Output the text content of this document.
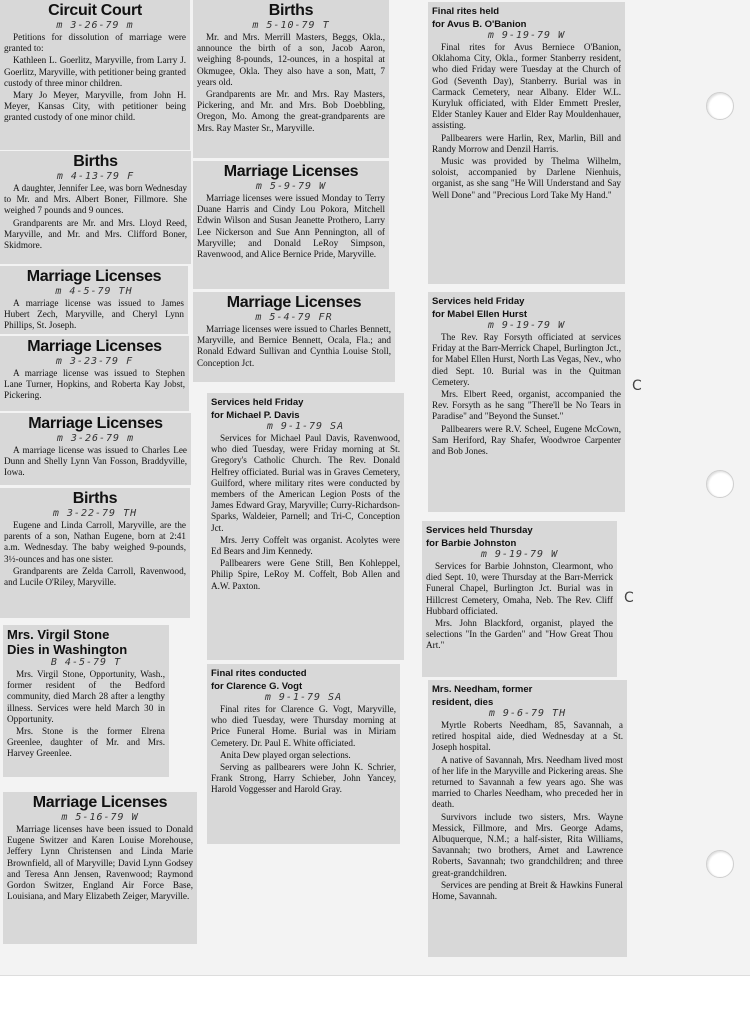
Circuit Court
m 3-26-79 m

Petitions for dissolution of marriage were granted to:

Kathleen L. Goerlitz, Maryville, from Larry J. Goerlitz, Maryville, with petitioner being granted custody of three minor children.

Mary Jo Meyer, Maryville, from John H. Meyer, Kansas City, with petitioner being granted custody of one minor child.

Births
m 4-13-79 F

A daughter, Jennifer Lee, was born Wednesday to Mr. and Mrs. Albert Boner, Fillmore. She weighed 7 pounds and 9 ounces.

Grandparents are Mr. and Mrs. Lloyd Reed, Maryville, and Mr. and Mrs. Clifford Boner, Skidmore.

Marriage Licenses
m 4-5-79 TH

A marriage license was issued to James Hubert Zech, Maryville, and Cheryl Lynn Phillips, St. Joseph.

Marriage Licenses
m 3-23-79 F

A marriage license was issued to Stephen Lane Turner, Hopkins, and Roberta Kay Jobst, Pickering.

Marriage Licenses
m 3-26-79 m

A marriage license was issued to Charles Lee Dunn and Shelly Lynn Van Fosson, Braddyville, Iowa.

Births
m 3-22-79 TH

Eugene and Linda Carroll, Maryville, are the parents of a son, Nathan Eugene, born at 2:41 a.m. Wednesday. The baby weighed 9-pounds, 3½-ounces and has one sister.

Grandparents are Zelda Carroll, Ravenwood, and Lucile O'Riley, Maryville.

Mrs. Virgil Stone
Dies in Washington
B 4-5-79 T

Mrs. Virgil Stone, Opportunity, Wash., former resident of the Bedford community, died March 28 after a lengthy illness. Services were held March 30 in Opportunity.

Mrs. Stone is the former Elrena Greenlee, daughter of Mr. and Mrs. Harvey Greenlee.

Marriage Licenses
m 5-16-79 W

Marriage licenses have been issued to Donald Eugene Switzer and Karen Louise Morehouse, Jeffery Lynn Christensen and Linda Marie Brownfield, all of Maryville; David Lynn Godsey and Teresa Ann Jensen, Ravenwood; Raymond Gordon Switzer, England Air Force Base, Louisiana, and Mary Elizabeth Zeiger, Maryville.

Births
m 5-10-79 T

Mr. and Mrs. Merrill Masters, Beggs, Okla., announce the birth of a son, Jacob Aaron, weighing 8-pounds, 12-ounces, in a hospital at Okmugee, Okla. They also have a son, Matt, 7 years old.

Grandparents are Mr. and Mrs. Ray Masters, Pickering, and Mr. and Mrs. Bob Doebbling, Oregon, Mo. Among the great-grandparents are Mrs. Ray Master Sr., Maryville.

Marriage Licenses
m 5-9-79 W

Marriage licenses were issued Monday to Terry Duane Harris and Cindy Lou Pokora, Mitchell Edwin Wilson and Susan Jeanette Prothero, Larry Lee Nickerson and Sue Ann Pennington, all of Maryville; and Donald LeRoy Simpson, Ravenwood, and Alice Bernice Pride, Maryville.

Marriage Licenses
m 5-4-79 FR

Marriage licenses were issued to Charles Bennett, Maryville, and Bernice Bennett, Ocala, Fla.; and Ronald Edward Sullivan and Cynthia Louise Stoll, Conception Jct.

Services held Friday
for Michael P. Davis
m 9-1-79 SA

Services for Michael Paul Davis, Ravenwood, who died Tuesday, were Friday morning at St. Gregory's Catholic Church. The Rev. Donald Helfrey officiated. Burial was in Graves Cemetery, Guilford, where military rites were conducted by members of the American Legion Posts of the James Edward Gray, Maryville; Curry-Richardson-Sparks, Waldeier, Parnell; and Tri-C, Conception Jct.

Mrs. Jerry Coffelt was organist. Acolytes were Ed Bears and Jim Kennedy.

Pallbearers were Gene Still, Ben Kohleppel, Philip Spire, LeRoy M. Coffelt, Bob Allen and A.W. Paxton.

Final rites conducted
for Clarence G. Vogt
m 9-1-79 SA

Final rites for Clarence G. Vogt, Maryville, who died Tuesday, were Thursday morning at Price Funeral Home. Burial was in Miriam Cemetery. Dr. Paul E. White officiated.

Anita Dew played organ selections.

Serving as pallbearers were John K. Schrier, Frank Strong, Harry Schieber, John Yancey, Harold Voggesser and Harold Gray.

Final rites held
for Avus B. O'Banion
m 9-19-79 W

Final rites for Avus Berniece O'Banion, Oklahoma City, Okla., former Stanberry resident, who died Friday were Tuesday at the Church of God (Seventh Day), Stanberry. Burial was in Carmack Cemetery, near Albany. Elder W.L. Kuryluk officiated, with Elder Emmett Presler, Elder Stanley Kauer and Elder Ray Mouldenhauer, assisting.

Pallbearers were Harlin, Rex, Marlin, Bill and Randy Morrow and Denzil Harris.

Music was provided by Thelma Wilhelm, soloist, accompanied by Darlene Nienhuis, organist, as she sang "He Will Understand and Say Well Done" and "Precious Lord Take My Hand."

Services held Friday
for Mabel Ellen Hurst
m 9-19-79 W

The Rev. Ray Forsyth officiated at services Friday at the Barr-Merrick Chapel, Burlington Jct., for Mabel Ellen Hurst, North Las Vegas, Nev., who died Sept. 10. Burial was in the Quitman Cemetery.

Mrs. Elbert Reed, organist, accompanied the Rev. Forsyth as he sang "There'll be No Tears in Paradise" and "Beyond the Sunset."

Pallbearers were R.V. Scheel, Eugene McCown, Sam Heriford, Ray Shafer, Woodwroe Carpenter and Bob Jones.

Services held Thursday
for Barbie Johnston
m 9-19-79 W

Services for Barbie Johnston, Clearmont, who died Sept. 10, were Thursday at the Barr-Merrick Funeral Chapel, Burlington Jct. Burial was in Hillcrest Cemetery, Omaha, Neb. The Rev. Cliff Hubbard officiated.

Mrs. John Blackford, organist, played the selections "In the Garden" and "How Great Thou Art."

Mrs. Needham, former
resident, dies
m 9-6-79 TH

Myrtle Roberts Needham, 85, Savannah, a retired hospital aide, died Wednesday at a St. Joseph hospital.

A native of Savannah, Mrs. Needham lived most of her life in the Maryville and Pickering areas. She returned to Savannah a few years ago. She was married to Charles Needham, who preceded her in death.

Survivors include two sisters, Mrs. Wayne Messick, Fillmore, and Mrs. George Adams, Albuquerque, N.M.; a half-sister, Rita Williams, Savannah; two brothers, Arnet and Lawrence Roberts, Savannah; two grandchildren; and three great-grandchildren.

Services are pending at Breit & Hawkins Funeral Home, Savannah.

C
C
